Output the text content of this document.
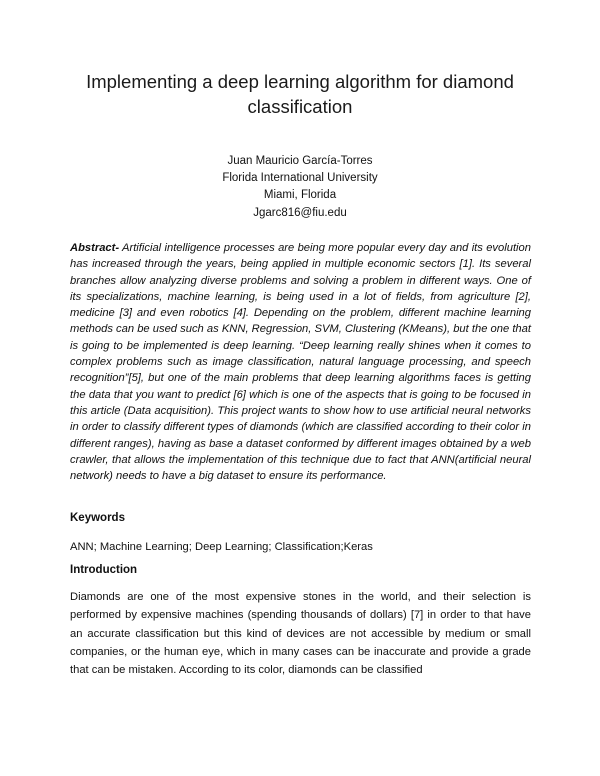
Implementing a deep learning algorithm for diamond classification
Juan Mauricio García-Torres
Florida International University
Miami, Florida
Jgarc816@fiu.edu

Abstract- Artificial intelligence processes are being more popular every day and its evolution has increased through the years, being applied in multiple economic sectors [1]. Its several branches allow analyzing diverse problems and solving a problem in different ways. One of its specializations, machine learning, is being used in a lot of fields, from agriculture [2], medicine [3] and even robotics [4]. Depending on the problem, different machine learning methods can be used such as KNN, Regression, SVM, Clustering (KMeans), but the one that is going to be implemented is deep learning. “Deep learning really shines when it comes to complex problems such as image classification, natural language processing, and speech recognition”[5], but one of the main problems that deep learning algorithms faces is getting the data that you want to predict [6] which is one of the aspects that is going to be focused in this article (Data acquisition). This project wants to show how to use artificial neural networks in order to classify different types of diamonds (which are classified according to their color in different ranges), having as base a dataset conformed by different images obtained by a web crawler, that allows the implementation of this technique due to fact that ANN(artificial neural network) needs to have a big dataset to ensure its performance.

Keywords

ANN; Machine Learning; Deep Learning; Classification;Keras

Introduction

Diamonds are one of the most expensive stones in the world, and their selection is performed by expensive machines (spending thousands of dollars) [7] in order to that have an accurate classification but this kind of devices are not accessible by medium or small companies, or the human eye, which in many cases can be inaccurate and provide a grade that can be mistaken. According to its color, diamonds can be classified
